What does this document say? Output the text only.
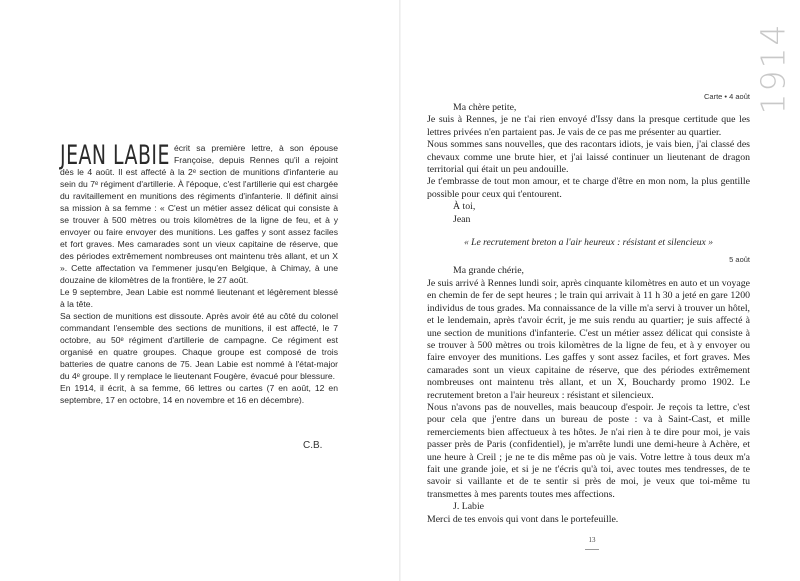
JEAN LABIE écrit sa première lettre, à son épouse Françoise, depuis Rennes qu'il a rejoint dès le 4 août. Il est affecté à la 2ᵉ section de munitions d'infanterie au sein du 7ᵉ régiment d'artillerie. À l'époque, c'est l'artillerie qui est chargée du ravitaillement en munitions des régiments d'infanterie. Il définit ainsi sa mission à sa femme : « C'est un métier assez délicat qui consiste à se trouver à 500 mètres ou trois kilomètres de la ligne de feu, et à y envoyer ou faire envoyer des munitions. Les gaffes y sont assez faciles et fort graves. Mes camarades sont un vieux capitaine de réserve, que des périodes extrêmement nombreuses ont maintenu très allant, et un X ». Cette affectation va l'emmener jusqu'en Belgique, à Chimay, à une douzaine de kilomètres de la frontière, le 27 août.

Le 9 septembre, Jean Labie est nommé lieutenant et légèrement blessé à la tête.

Sa section de munitions est dissoute. Après avoir été au côté du colonel commandant l'ensemble des sections de munitions, il est affecté, le 7 octobre, au 50ᵉ régiment d'artillerie de campagne. Ce régiment est organisé en quatre groupes. Chaque groupe est composé de trois batteries de quatre canons de 75. Jean Labie est nommé à l'état-major du 4ᵉ groupe. Il y remplace le lieutenant Fougère, évacué pour blessure.

En 1914, il écrit, à sa femme, 66 lettres ou cartes (7 en août, 12 en septembre, 17 en octobre, 14 en novembre et 16 en décembre).

C.B.
1914

Carte • 4 août

Ma chère petite,

Je suis à Rennes, je ne t'ai rien envoyé d'Issy dans la presque certitude que les lettres privées n'en partaient pas. Je vais de ce pas me présenter au quartier.

Nous sommes sans nouvelles, que des racontars idiots, je vais bien, j'ai classé des chevaux comme une brute hier, et j'ai laissé continuer un lieutenant de dragon territorial qui était un peu andouille.

Je t'embrasse de tout mon amour, et te charge d'être en mon nom, la plus gentille possible pour ceux qui t'entourent.

À toi,

Jean

« Le recrutement breton a l'air heureux : résistant et silencieux »

5 août

Ma grande chérie,

Je suis arrivé à Rennes lundi soir, après cinquante kilomètres en auto et un voyage en chemin de fer de sept heures ; le train qui arrivait à 11 h 30 a jeté en gare 1200 individus de tous grades. Ma connaissance de la ville m'a servi à trouver un hôtel, et le lendemain, après t'avoir écrit, je me suis rendu au quartier; je suis affecté à une section de munitions d'infanterie. C'est un métier assez délicat qui consiste à se trouver à 500 mètres ou trois kilomètres de la ligne de feu, et à y envoyer ou faire envoyer des munitions. Les gaffes y sont assez faciles, et fort graves. Mes camarades sont un vieux capitaine de réserve, que des périodes extrêmement nombreuses ont maintenu très allant, et un X, Bouchardy promo 1902. Le recrutement breton a l'air heureux : résistant et silencieux.

Nous n'avons pas de nouvelles, mais beaucoup d'espoir. Je reçois ta lettre, c'est pour cela que j'entre dans un bureau de poste : va à Saint-Cast, et mille remerciements bien affectueux à tes hôtes. Je n'ai rien à te dire pour moi, je vais passer près de Paris (confidentiel), je m'arrête lundi une demi-heure à Achère, et une heure à Creil ; je ne te dis même pas où je vais. Votre lettre à tous deux m'a fait une grande joie, et si je ne t'écris qu'à toi, avec toutes mes tendresses, de te savoir si vaillante et de te sentir si près de moi, je veux que toi-même tu transmettes à mes parents toutes mes affections.

J. Labie

Merci de tes envois qui vont dans le portefeuille.

13
